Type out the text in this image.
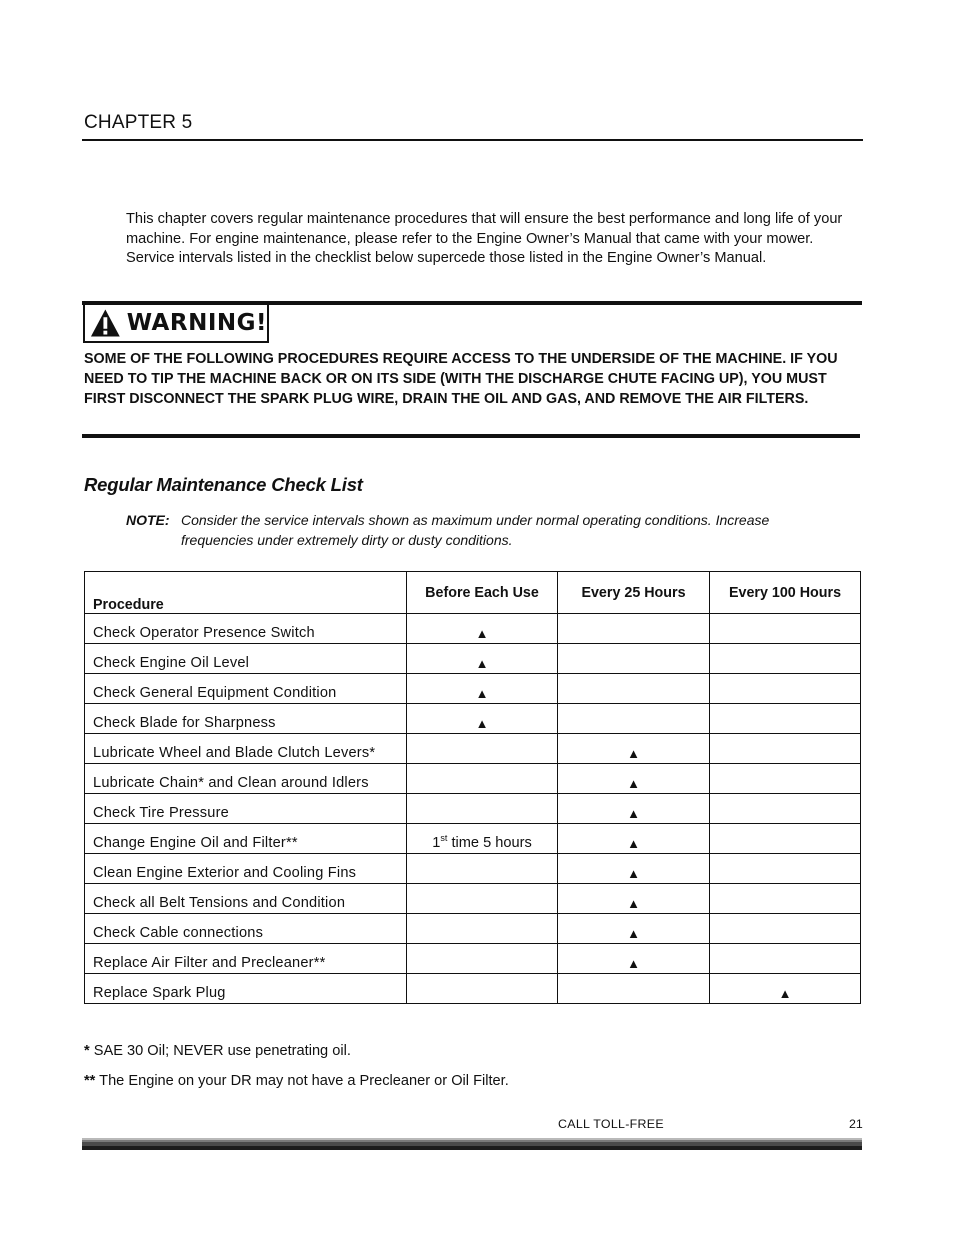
CHAPTER 5
This chapter covers regular maintenance procedures that will ensure the best performance and long life of your machine. For engine maintenance, please refer to the Engine Owner’s Manual that came with your mower. Service intervals listed in the checklist below supercede those listed in the Engine Owner’s Manual.
WARNING!
SOME OF THE FOLLOWING PROCEDURES REQUIRE ACCESS TO THE UNDERSIDE OF THE MACHINE. IF YOU NEED TO TIP THE MACHINE BACK OR ON ITS SIDE (WITH THE DISCHARGE CHUTE FACING UP), YOU MUST FIRST DISCONNECT THE SPARK PLUG WIRE, DRAIN THE OIL AND GAS, AND REMOVE THE AIR FILTERS.
Regular Maintenance Check List
NOTE: Consider the service intervals shown as maximum under normal operating conditions. Increase
frequencies under extremely dirty or dusty conditions.
Procedure	Before Each Use	Every 25 Hours	Every 100 Hours
Check Operator Presence Switch	▲		
Check Engine Oil Level	▲		
Check General Equipment Condition	▲		
Check Blade for Sharpness	▲		
Lubricate Wheel and Blade Clutch Levers*		▲	
Lubricate Chain* and Clean around Idlers		▲	
Check Tire Pressure		▲	
Change Engine Oil and Filter**	1st time 5 hours	▲	
Clean Engine Exterior and Cooling Fins		▲	
Check all Belt Tensions and Condition		▲	
Check Cable connections		▲	
Replace Air Filter and Precleaner**		▲	
Replace Spark Plug			▲
* SAE 30 Oil; NEVER use penetrating oil.
** The Engine on your DR may not have a Precleaner or Oil Filter.
CALL TOLL-FREE	21
